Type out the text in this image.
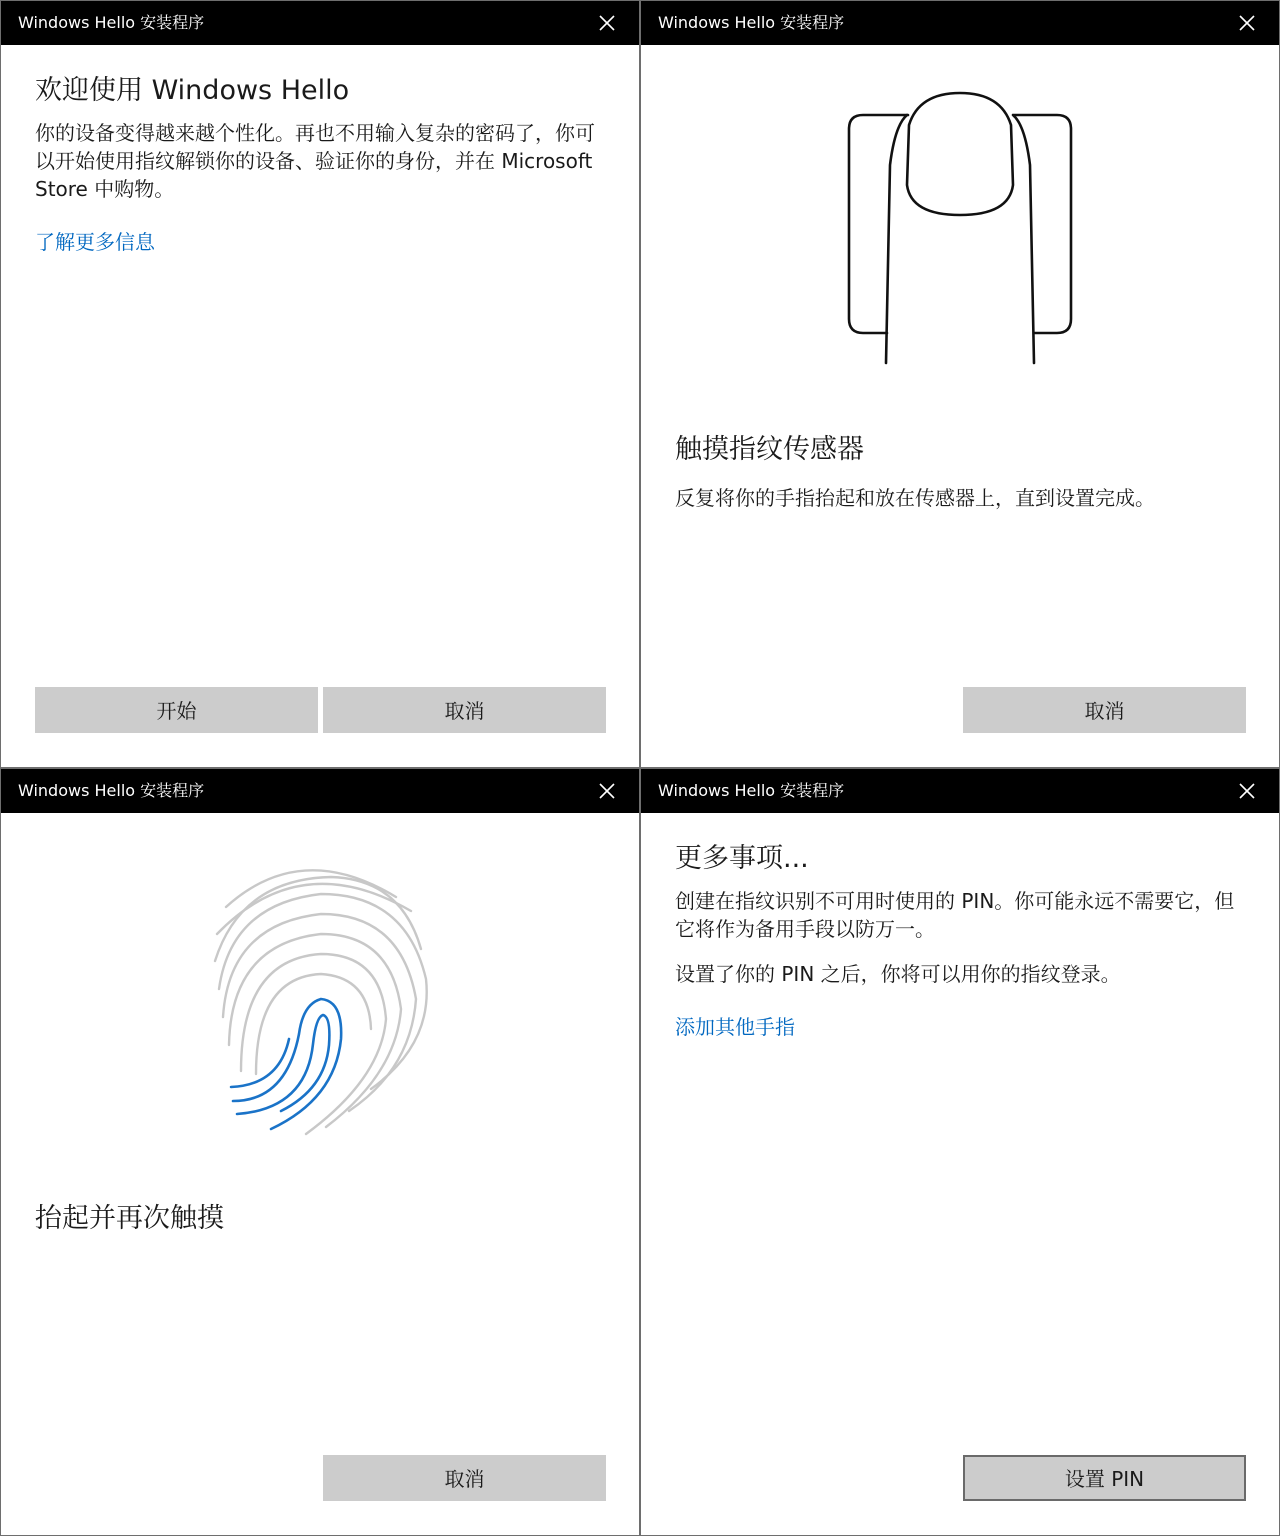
Windows Hello 安装程序
欢迎使用 Windows Hello
你的设备变得越来越个性化。再也不用输入复杂的密码了，你可以开始使用指纹解锁你的设备、验证你的身份，并在 Microsoft Store 中购物。
了解更多信息
开始	取消
Windows Hello 安装程序
触摸指纹传感器
反复将你的手指抬起和放在传感器上，直到设置完成。
取消
Windows Hello 安装程序
抬起并再次触摸
取消
Windows Hello 安装程序
更多事项...
创建在指纹识别不可用时使用的 PIN。你可能永远不需要它，但它将作为备用手段以防万一。
设置了你的 PIN 之后，你将可以用你的指纹登录。
添加其他手指
设置 PIN
